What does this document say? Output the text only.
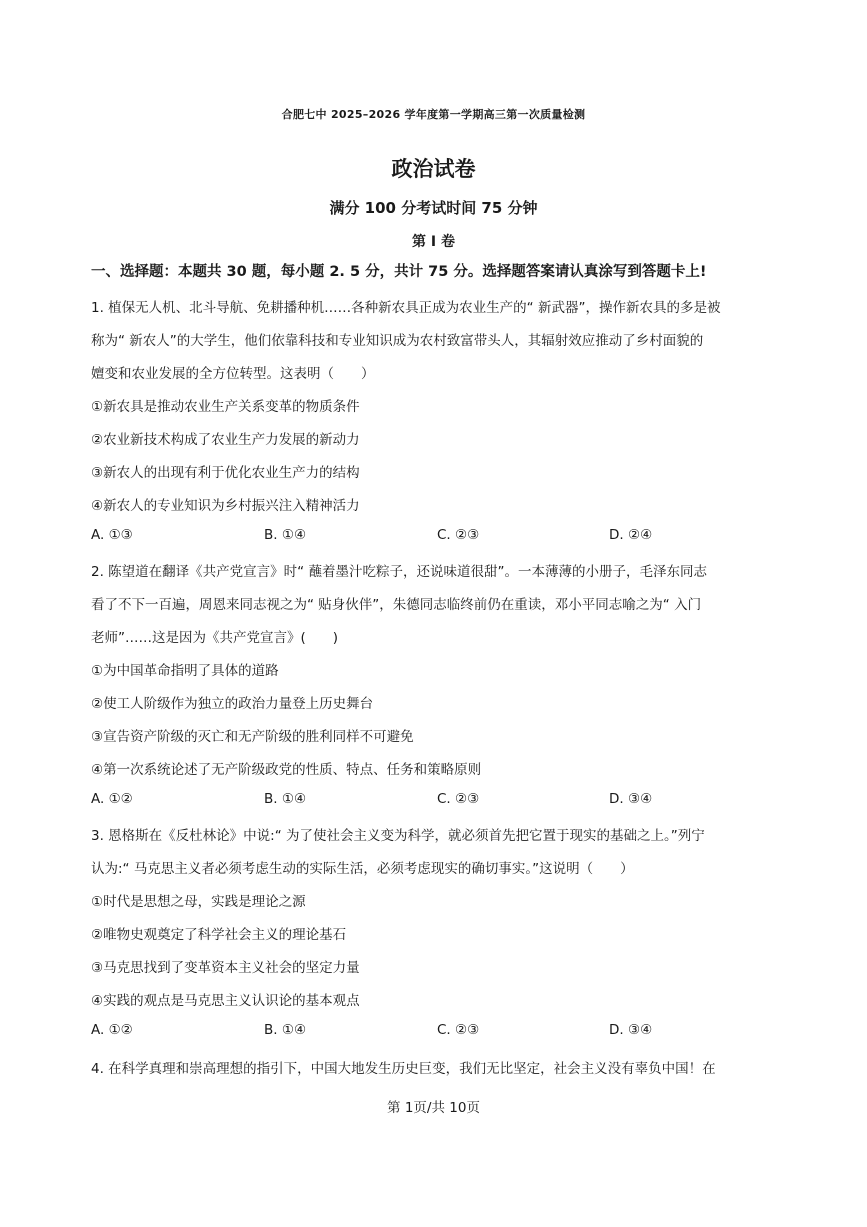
合肥七中 2025–2026 学年度第一学期高三第一次质量检测
政治试卷
满分 100 分考试时间 75 分钟
第 I 卷
一、选择题：本题共 30 题，每小题 2. 5 分，共计 75 分。选择题答案请认真涂写到答题卡上!
1. 植保无人机、北斗导航、免耕播种机……各种新农具正成为农业生产的“ 新武器”，操作新农具的多是被
称为“ 新农人”的大学生，他们依靠科技和专业知识成为农村致富带头人，其辐射效应推动了乡村面貌的
嬗变和农业发展的全方位转型。这表明（　　）
①新农具是推动农业生产关系变革的物质条件
②农业新技术构成了农业生产力发展的新动力
③新农人的出现有利于优化农业生产力的结构
④新农人的专业知识为乡村振兴注入精神活力
A. ①③	B. ①④	C. ②③	D. ②④
2. 陈望道在翻译《共产党宣言》时“ 蘸着墨汁吃粽子，还说味道很甜”。一本薄薄的小册子，毛泽东同志
看了不下一百遍，周恩来同志视之为“ 贴身伙伴”，朱德同志临终前仍在重读，邓小平同志喻之为“ 入门
老师”……这是因为《共产党宣言》(　　)
①为中国革命指明了具体的道路
②使工人阶级作为独立的政治力量登上历史舞台
③宣告资产阶级的灭亡和无产阶级的胜利同样不可避免
④第一次系统论述了无产阶级政党的性质、特点、任务和策略原则
A. ①②	B. ①④	C. ②③	D. ③④
3. 恩格斯在《反杜林论》中说:“ 为了使社会主义变为科学，就必须首先把它置于现实的基础之上。”列宁
认为:“ 马克思主义者必须考虑生动的实际生活，必须考虑现实的确切事实。”这说明（　　）
①时代是思想之母，实践是理论之源
②唯物史观奠定了科学社会主义的理论基石
③马克思找到了变革资本主义社会的坚定力量
④实践的观点是马克思主义认识论的基本观点
A. ①②	B. ①④	C. ②③	D. ③④
4. 在科学真理和崇高理想的指引下，中国大地发生历史巨变，我们无比坚定，社会主义没有辜负中国！在
第 1页/共 10页
